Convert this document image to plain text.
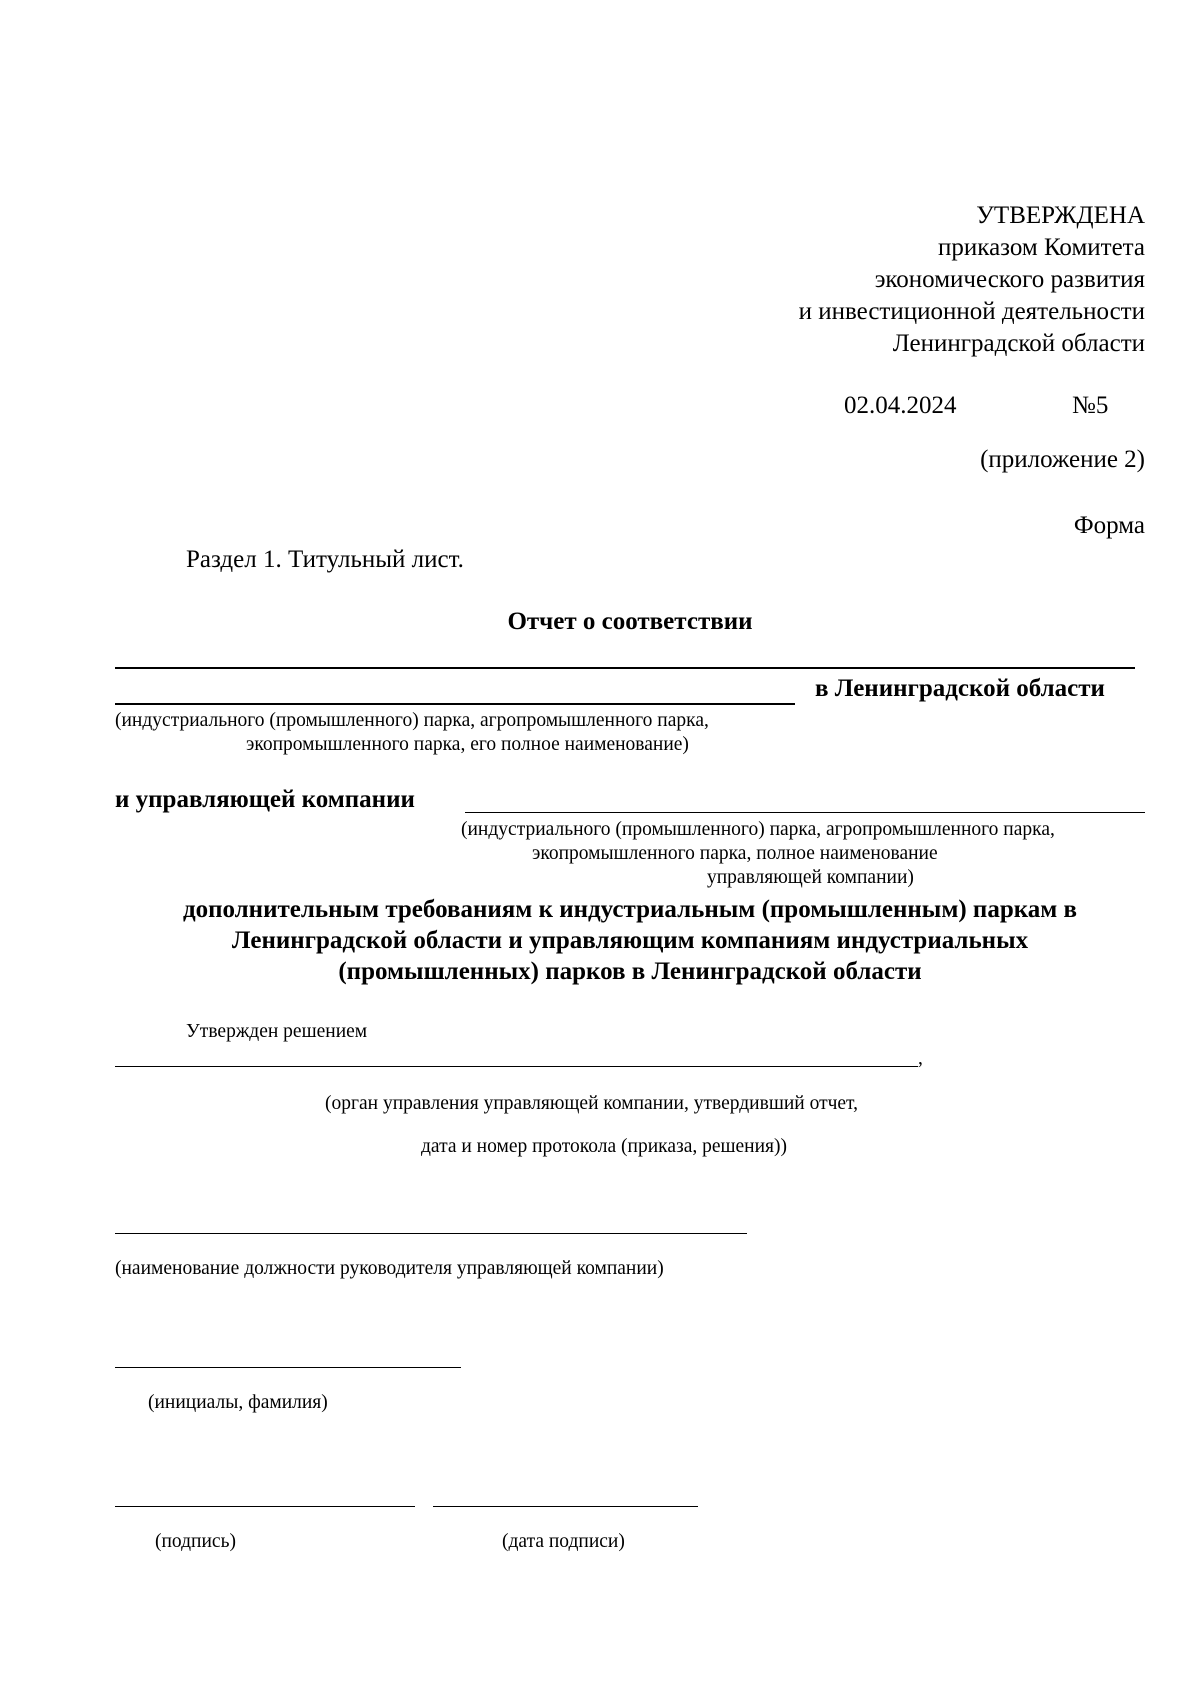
УТВЕРЖДЕНА
приказом Комитета
экономического развития
и инвестиционной деятельности
Ленинградской области
02.04.2024	№5
(приложение 2)
Форма
Раздел 1. Титульный лист.
Отчет о соответствии
в Ленинградской области
(индустриального (промышленного) парка, агропромышленного парка,
экопромышленного парка, его полное наименование)
и управляющей компании
(индустриального (промышленного) парка, агропромышленного парка,
экопромышленного парка, полное наименование
управляющей компании)
дополнительным требованиям к индустриальным (промышленным) паркам в
Ленинградской области и управляющим компаниям индустриальных
(промышленных) парков в Ленинградской области
Утвержден решением
,
(орган управления управляющей компании, утвердивший отчет,
дата и номер протокола (приказа, решения))
(наименование должности руководителя управляющей компании)
(инициалы, фамилия)
(подпись)	(дата подписи)
